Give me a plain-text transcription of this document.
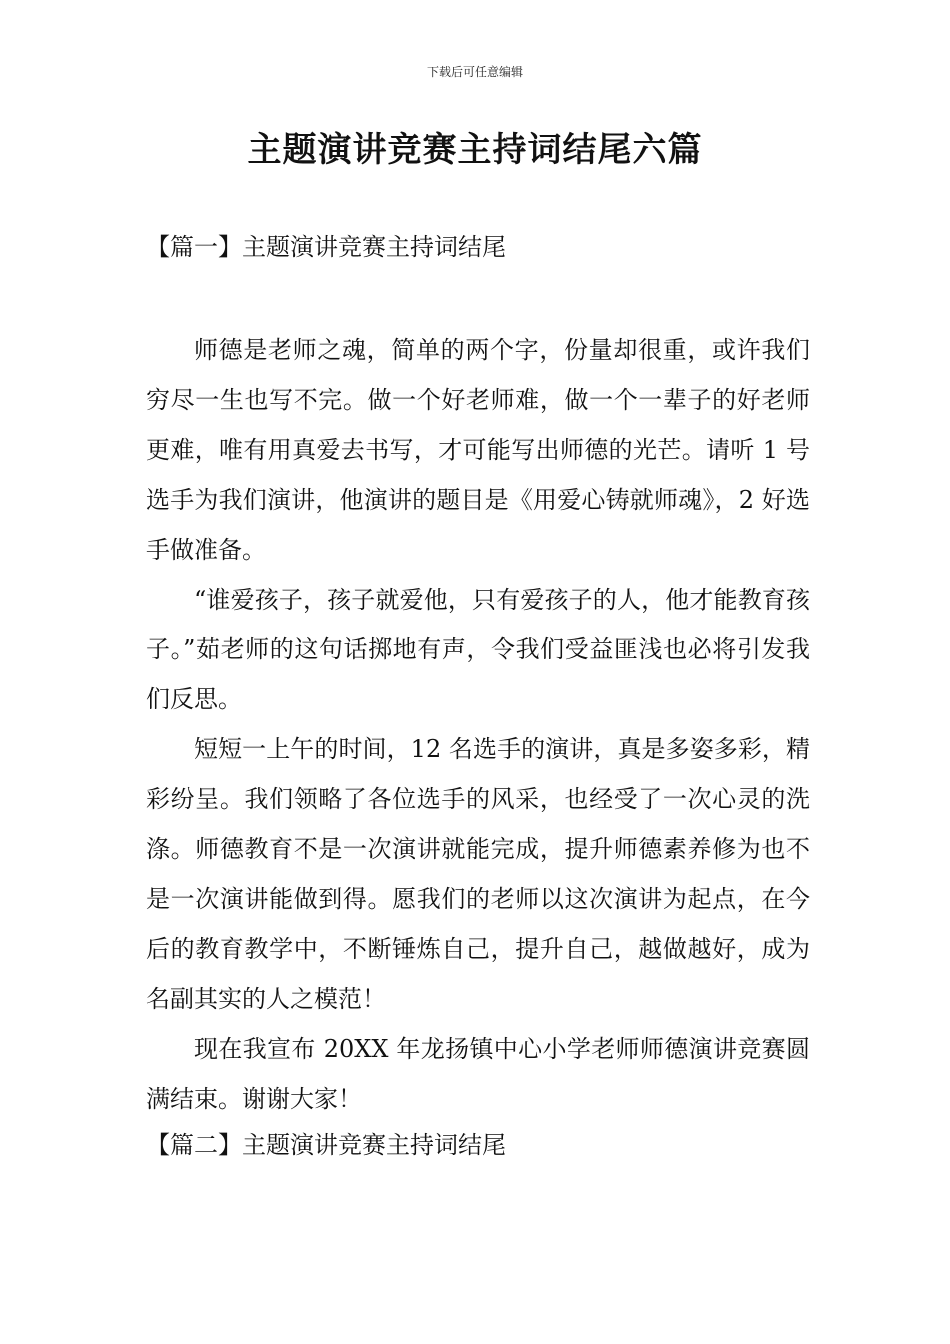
下载后可任意编辑
主题演讲竞赛主持词结尾六篇
【篇一】主题演讲竞赛主持词结尾

师德是老师之魂，简单的两个字，份量却很重，或许我们穷尽一生也写不完。做一个好老师难，做一个一辈子的好老师更难，唯有用真爱去书写，才可能写出师德的光芒。请听 1 号选手为我们演讲，他演讲的题目是《用爱心铸就师魂》，2 好选手做准备。

“谁爱孩子，孩子就爱他，只有爱孩子的人，他才能教育孩子。”茹老师的这句话掷地有声，令我们受益匪浅也必将引发我们反思。

短短一上午的时间，12 名选手的演讲，真是多姿多彩，精彩纷呈。我们领略了各位选手的风采，也经受了一次心灵的洗涤。师德教育不是一次演讲就能完成，提升师德素养修为也不是一次演讲能做到得。愿我们的老师以这次演讲为起点，在今后的教育教学中，不断锤炼自己，提升自己，越做越好，成为名副其实的人之模范！

现在我宣布 20XX 年龙扬镇中心小学老师师德演讲竞赛圆满结束。谢谢大家！

【篇二】主题演讲竞赛主持词结尾
